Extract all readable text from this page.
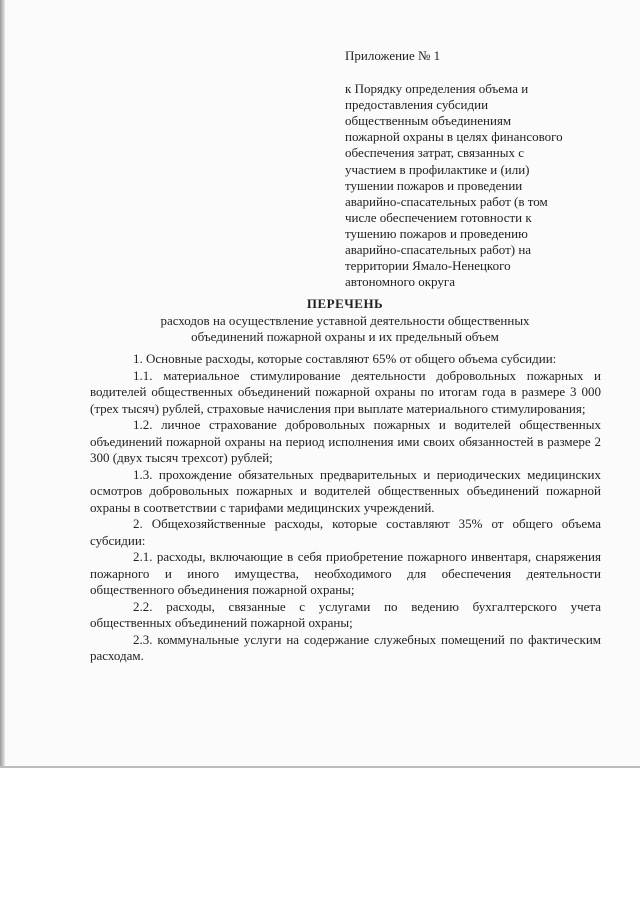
Приложение № 1
к Порядку определения объема и
предоставления субсидии
общественным объединениям
пожарной охраны в целях финансового
обеспечения затрат, связанных с
участием в профилактике и (или)
тушении пожаров и проведении
аварийно-спасательных работ (в том
числе обеспечением готовности к
тушению пожаров и проведению
аварийно-спасательных работ) на
территории Ямало-Ненецкого
автономного округа
ПЕРЕЧЕНЬ
расходов на осуществление уставной деятельности общественных
объединений пожарной охраны и их предельный объем

1. Основные расходы, которые составляют 65% от общего объема субсидии:

1.1. материальное стимулирование деятельности добровольных пожарных и водителей общественных объединений пожарной охраны по итогам года в размере 3 000 (трех тысяч) рублей, страховые начисления при выплате материального стимулирования;

1.2. личное страхование добровольных пожарных и водителей общественных объединений пожарной охраны на период исполнения ими своих обязанностей в размере 2 300 (двух тысяч трехсот) рублей;

1.3. прохождение обязательных предварительных и периодических медицинских осмотров добровольных пожарных и водителей общественных объединений пожарной охраны в соответствии с тарифами медицинских учреждений.

2. Общехозяйственные расходы, которые составляют 35% от общего объема субсидии:

2.1. расходы, включающие в себя приобретение пожарного инвентаря, снаряжения пожарного и иного имущества, необходимого для обеспечения деятельности общественного объединения пожарной охраны;

2.2. расходы, связанные с услугами по ведению бухгалтерского учета общественных объединений пожарной охраны;

2.3. коммунальные услуги на содержание служебных помещений по фактическим расходам.
